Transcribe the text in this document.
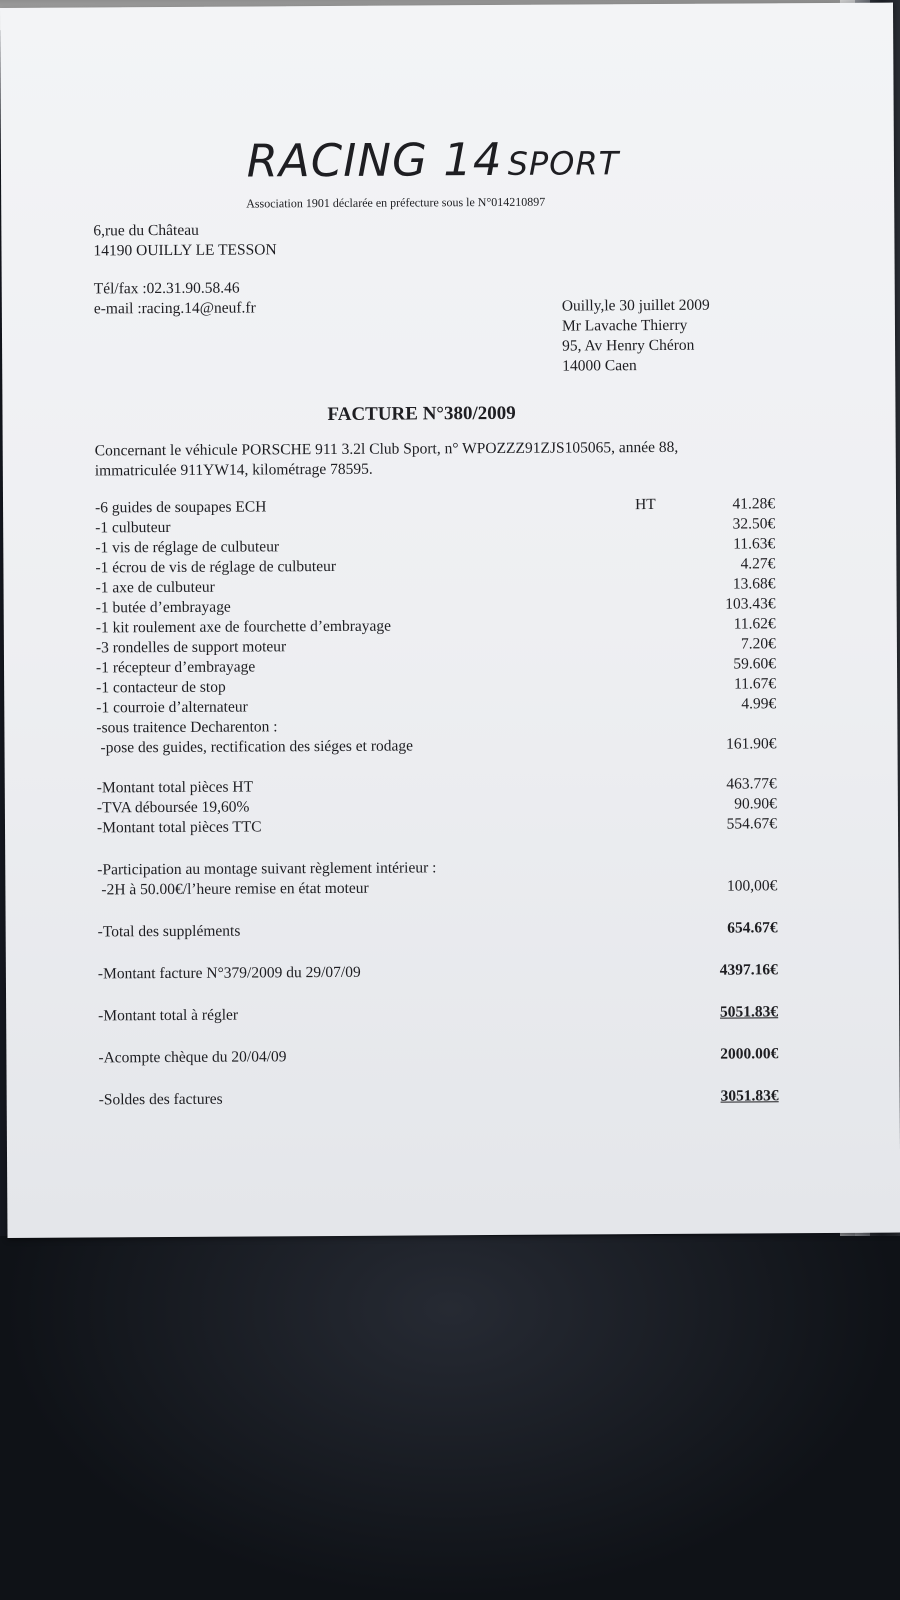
RACING 14 SPORT
Association 1901 déclarée en préfecture sous le N°014210897
6,rue du Château
14190 OUILLY LE TESSON
Tél/fax :02.31.90.58.46
e-mail :racing.14@neuf.fr	Ouilly,le 30 juillet 2009
Mr Lavache Thierry
95, Av Henry Chéron
14000 Caen
FACTURE N°380/2009
Concernant le véhicule PORSCHE 911 3.2l Club Sport, n° WPOZZZ91ZJS105065, année 88,
immatriculée 911YW14, kilométrage 78595.
-6 guides de soupapes ECH	HT	41.28€
-1 culbuteur	32.50€
-1 vis de réglage de culbuteur	11.63€
-1 écrou de vis de réglage de culbuteur	4.27€
-1 axe de culbuteur	13.68€
-1 butée d’embrayage	103.43€
-1 kit roulement axe de fourchette d’embrayage	11.62€
-3 rondelles de support moteur	7.20€
-1 récepteur d’embrayage	59.60€
-1 contacteur de stop	11.67€
-1 courroie d’alternateur	4.99€
-sous traitence Decharenton :
-pose des guides, rectification des siéges et rodage	161.90€
-Montant total pièces HT	463.77€
-TVA déboursée 19,60%	90.90€
-Montant total pièces TTC	554.67€
-Participation au montage suivant règlement intérieur :
-2H à 50.00€/l’heure remise en état moteur	100,00€
-Total des suppléments	654.67€
-Montant facture N°379/2009 du 29/07/09	4397.16€
-Montant total à régler	5051.83€
-Acompte chèque du 20/04/09	2000.00€
-Soldes des factures	3051.83€
